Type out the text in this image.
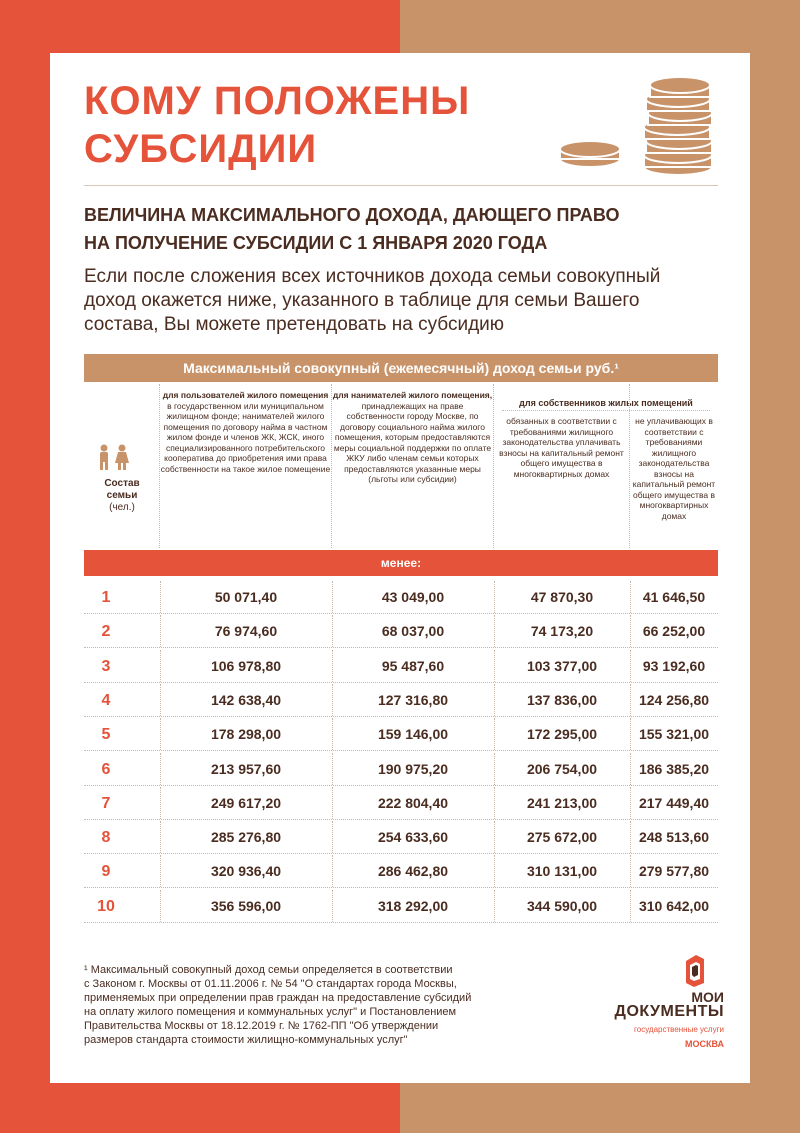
КОМУ ПОЛОЖЕНЫ
СУБСИДИИ
ВЕЛИЧИНА МАКСИМАЛЬНОГО ДОХОДА, ДАЮЩЕГО ПРАВО
НА ПОЛУЧЕНИЕ СУБСИДИИ С 1 ЯНВАРЯ 2020 ГОДА
Если после сложения всех источников дохода семьи совокупный
доход окажется ниже, указанного в таблице для семьи Вашего
состава, Вы можете претендовать на субсидию
Максимальный совокупный (ежемесячный) доход семьи руб.¹
Состав
семьи
(чел.)
для пользователей жилого помещения в государственном или муниципальном жилищном фонде; нанимателей жилого помещения по договору найма в частном жилом фонде и членов ЖК, ЖСК, иного специализированного потребительского кооператива до приобретения ими права собственности на такое жилое помещение
для нанимателей жилого помещения, принадлежащих на праве собственности городу Москве, по договору социального найма жилого помещения, которым предоставляются меры социальной поддержки по оплате ЖКУ либо членам семьи которых предоставляются указанные меры (льготы или субсидии)
для собственников жилых помещений
обязанных в соответствии с требованиями жилищного законодательства уплачивать взносы на капитальный ремонт общего имущества в многоквартирных домах
не уплачивающих в соответствии с требованиями жилищного законодательства взносы на капитальный ремонт общего имущества в многоквартирных домах
менее:
1	50 071,40	43 049,00	47 870,30	41 646,50
2	76 974,60	68 037,00	74 173,20	66 252,00
3	106 978,80	95 487,60	103 377,00	93 192,60
4	142 638,40	127 316,80	137 836,00	124 256,80
5	178 298,00	159 146,00	172 295,00	155 321,00
6	213 957,60	190 975,20	206 754,00	186 385,20
7	249 617,20	222 804,40	241 213,00	217 449,40
8	285 276,80	254 633,60	275 672,00	248 513,60
9	320 936,40	286 462,80	310 131,00	279 577,80
10	356 596,00	318 292,00	344 590,00	310 642,00
¹ Максимальный совокупный доход семьи определяется в соответствии
с Законом г. Москвы от 01.11.2006 г. № 54 "О стандартах города Москвы,
применяемых при определении прав граждан на предоставление субсидий
на оплату жилого помещения и коммунальных услуг" и Постановлением
Правительства Москвы от 18.12.2019 г. № 1762-ПП "Об утверждении
размеров стандарта стоимости жилищно-коммунальных услуг"
МОИ
ДОКУМЕНТЫ
государственные услуги
МОСКВА
